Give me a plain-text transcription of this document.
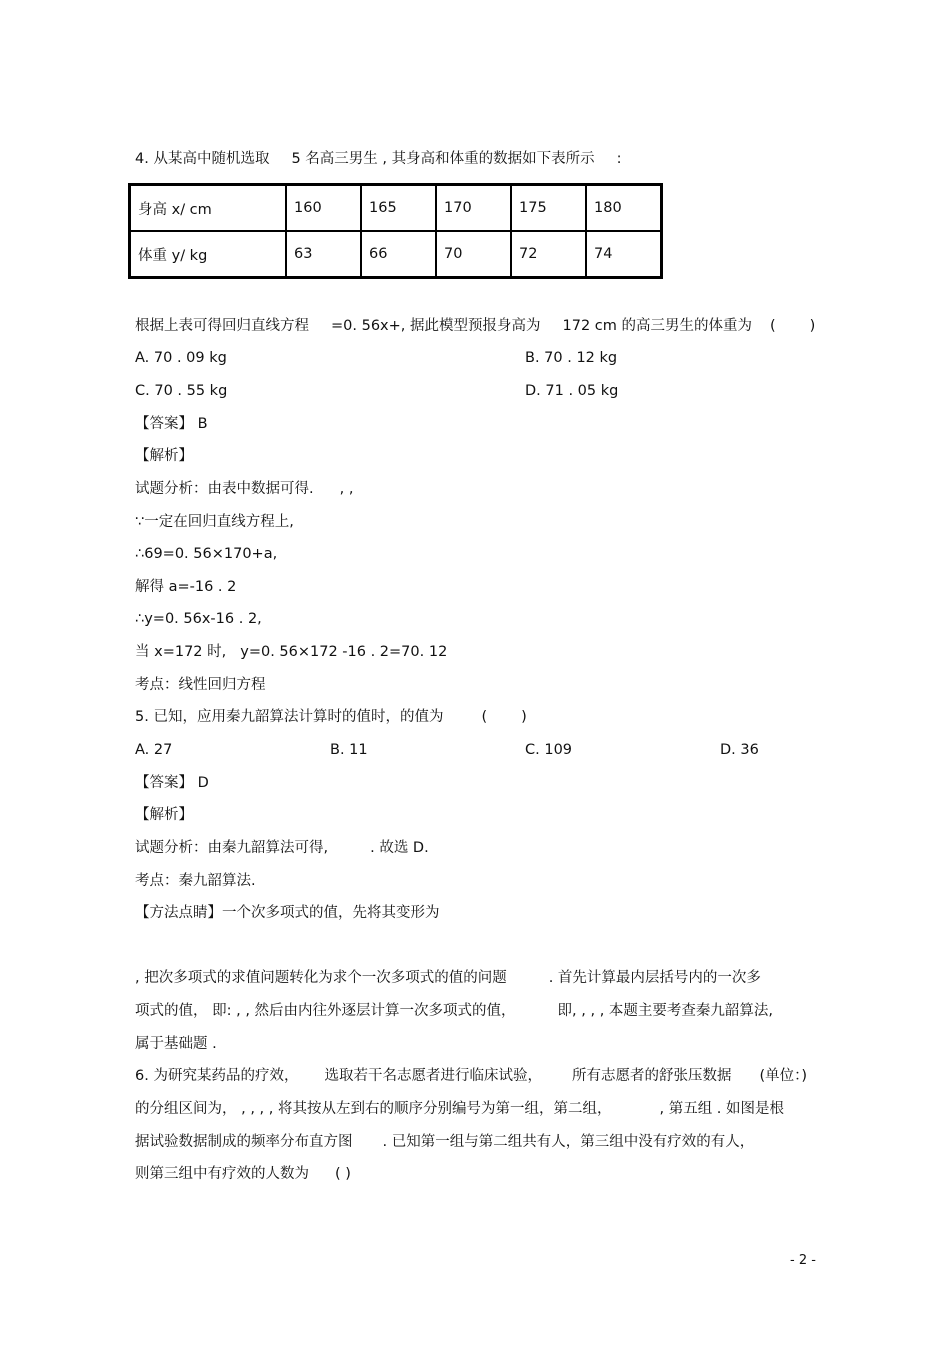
4. 从某高中随机选取 5 名高三男生 , 其身高和体重的数据如下表所示 :
身高 x/ cm	160	165	170	175	180
体重 y/ kg	63	66	70	72	74
根据上表可得回归直线方程 =0. 56x+, 据此模型预报身高为 172 cm 的高三男生的体重为 ( )
A. 70 . 09 kg	B. 70 . 12 kg
C. 70 . 55 kg	D. 71 . 05 kg
【答案】 B
【解析】
试题分析：由表中数据可得. , ,
∵一定在回归直线方程上,
∴69=0. 56×170+a,
解得 a=-16 . 2
∴y=0. 56x-16 . 2,
当 x=172 时, y=0. 56×172 -16 . 2=70. 12
考点：线性回归方程
5. 已知，应用秦九韶算法计算时的值时，的值为	( )
A. 27	B. 11	C. 109	D. 36
【答案】 D
【解析】
试题分析：由秦九韶算法可得,	. 故选 D.
考点：秦九韶算法.
【方法点睛】一个次多项式的值，先将其变形为
, 把次多项式的求值问题转化为求个一次多项式的值的问题	. 首先计算最内层括号内的一次多
项式的值， 即: , , 然后由内往外逐层计算一次多项式的值，	即, , , , 本题主要考查秦九韶算法,
属于基础题 .
6. 为研究某药品的疗效， 选取若干名志愿者进行临床试验， 所有志愿者的舒张压数据 (单位：)
的分组区间为， , , , , 将其按从左到右的顺序分别编号为第一组，第二组，	, 第五组 . 如图是根
据试验数据制成的频率分布直方图 . 已知第一组与第二组共有人，第三组中没有疗效的有人，
则第三组中有疗效的人数为 ( )
- 2 -
